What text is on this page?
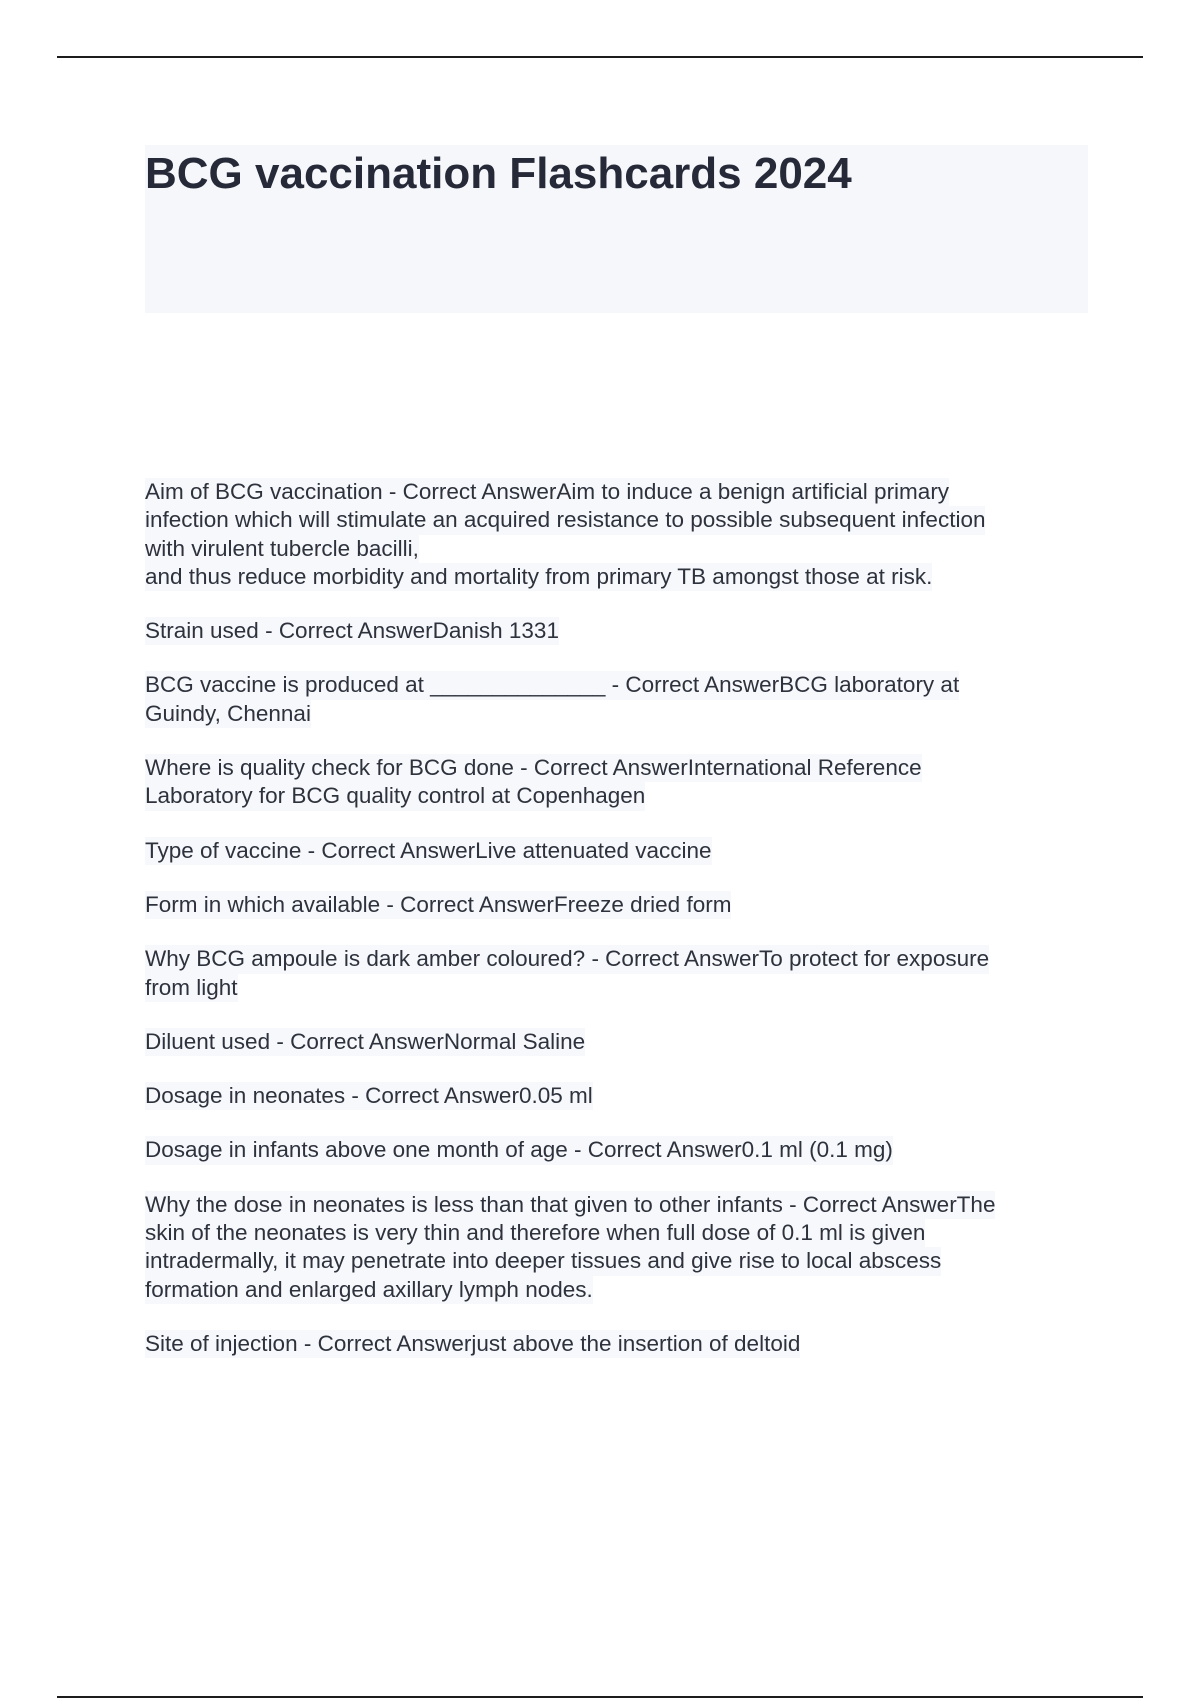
BCG vaccination Flashcards 2024
Aim of BCG vaccination - Correct AnswerAim to induce a benign artificial primary
infection which will stimulate an acquired resistance to possible subsequent infection
with virulent tubercle bacilli,
and thus reduce morbidity and mortality from primary TB amongst those at risk.
Strain used - Correct AnswerDanish 1331
BCG vaccine is produced at ______________ - Correct AnswerBCG laboratory at
Guindy, Chennai
Where is quality check for BCG done - Correct AnswerInternational Reference
Laboratory for BCG quality control at Copenhagen
Type of vaccine - Correct AnswerLive attenuated vaccine
Form in which available - Correct AnswerFreeze dried form
Why BCG ampoule is dark amber coloured? - Correct AnswerTo protect for exposure
from light
Diluent used - Correct AnswerNormal Saline
Dosage in neonates - Correct Answer0.05 ml
Dosage in infants above one month of age - Correct Answer0.1 ml (0.1 mg)
Why the dose in neonates is less than that given to other infants - Correct AnswerThe
skin of the neonates is very thin and therefore when full dose of 0.1 ml is given
intradermally, it may penetrate into deeper tissues and give rise to local abscess
formation and enlarged axillary lymph nodes.
Site of injection - Correct Answerjust above the insertion of deltoid
